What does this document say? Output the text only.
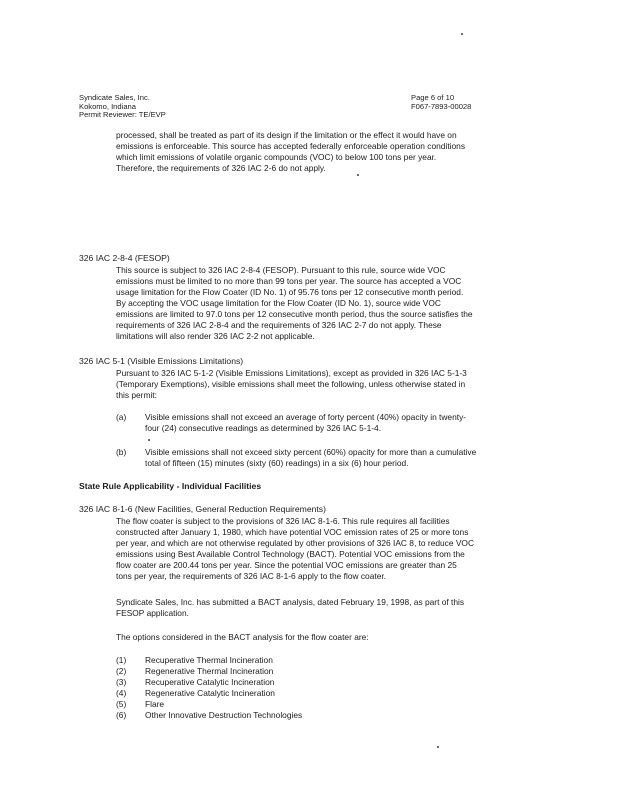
Syndicate Sales, Inc.
Kokomo, Indiana
Permit Reviewer: TE/EVP
Page 6 of 10
F067-7893-00028
processed, shall be treated as part of its design if the limitation or the effect it would have on
emissions is enforceable. This source has accepted federally enforceable operation conditions
which limit emissions of volatile organic compounds (VOC) to below 100 tons per year.
Therefore, the requirements of 326 IAC 2-6 do not apply.
326 IAC 2-8-4 (FESOP)
This source is subject to 326 IAC 2-8-4 (FESOP). Pursuant to this rule, source wide VOC
emissions must be limited to no more than 99 tons per year. The source has accepted a VOC
usage limitation for the Flow Coater (ID No. 1) of 95.76 tons per 12 consecutive month period.
By accepting the VOC usage limitation for the Flow Coater (ID No. 1), source wide VOC
emissions are limited to 97.0 tons per 12 consecutive month period, thus the source satisfies the
requirements of 326 IAC 2-8-4 and the requirements of 326 IAC 2-7 do not apply. These
limitations will also render 326 IAC 2-2 not applicable.
326 IAC 5-1 (Visible Emissions Limitations)
Pursuant to 326 IAC 5-1-2 (Visible Emissions Limitations), except as provided in 326 IAC 5-1-3
(Temporary Exemptions), visible emissions shall meet the following, unless otherwise stated in
this permit:
(a) Visible emissions shall not exceed an average of forty percent (40%) opacity in twenty-
four (24) consecutive readings as determined by 326 IAC 5-1-4.
(b) Visible emissions shall not exceed sixty percent (60%) opacity for more than a cumulative
total of fifteen (15) minutes (sixty (60) readings) in a six (6) hour period.
State Rule Applicability - Individual Facilities
326 IAC 8-1-6 (New Facilities, General Reduction Requirements)
The flow coater is subject to the provisions of 326 IAC 8-1-6. This rule requires all facilities
constructed after January 1, 1980, which have potential VOC emission rates of 25 or more tons
per year, and which are not otherwise regulated by other provisions of 326 IAC 8, to reduce VOC
emissions using Best Available Control Technology (BACT). Potential VOC emissions from the
flow coater are 200.44 tons per year. Since the potential VOC emissions are greater than 25
tons per year, the requirements of 326 IAC 8-1-6 apply to the flow coater.
Syndicate Sales, Inc. has submitted a BACT analysis, dated February 19, 1998, as part of this
FESOP application.
The options considered in the BACT analysis for the flow coater are:
(1) Recuperative Thermal Incineration
(2) Regenerative Thermal Incineration
(3) Recuperative Catalytic Incineration
(4) Regenerative Catalytic Incineration
(5) Flare
(6) Other Innovative Destruction Technologies
